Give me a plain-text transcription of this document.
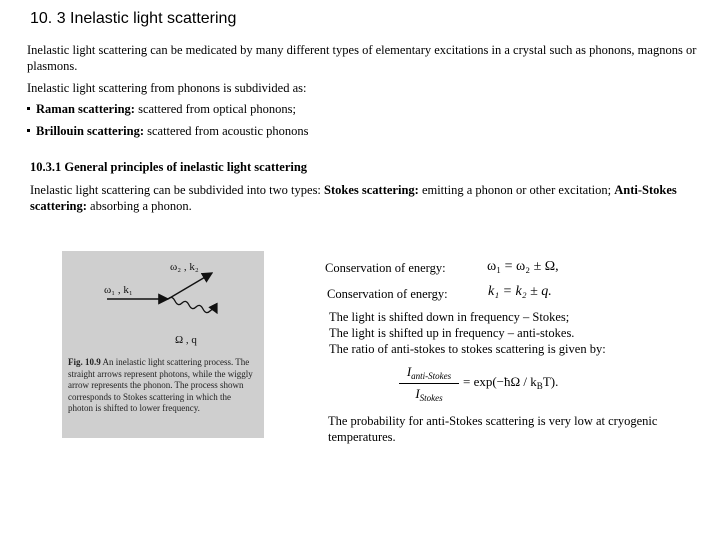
10. 3 Inelastic light scattering
Inelastic light scattering can be medicated by many different types of elementary excitations in a crystal such as phonons, magnons or plasmons.
Inelastic light scattering from phonons is subdivided as:
Raman scattering: scattered from optical phonons;
Brillouin scattering: scattered from acoustic phonons
10.3.1 General principles of inelastic light scattering
Inelastic light scattering can be subdivided into two types: Stokes scattering: emitting a phonon or other excitation; Anti-Stokes scattering: absorbing a phonon.
ω₂ , k₂
ω₁ , k₁
Ω , q
Fig. 10.9 An inelastic light scattering process. The straight arrows represent photons, while the wiggly arrow represents the phonon. The process shown corresponds to Stokes scattering in which the photon is shifted to lower frequency.
Conservation of energy:	ω₁ = ω₂ ± Ω,
Conservation of energy:	k₁ = k₂ ± q.
The light is shifted down in frequency – Stokes;
The light is shifted up in frequency – anti-stokes.
The ratio of anti-stokes to stokes scattering is given by:
$I_{anti-Stokes}$
$I_{Stokes}$
= exp(−ħΩ / $k_BT$).
The probability for anti-Stokes scattering is very low at cryogenic temperatures.
